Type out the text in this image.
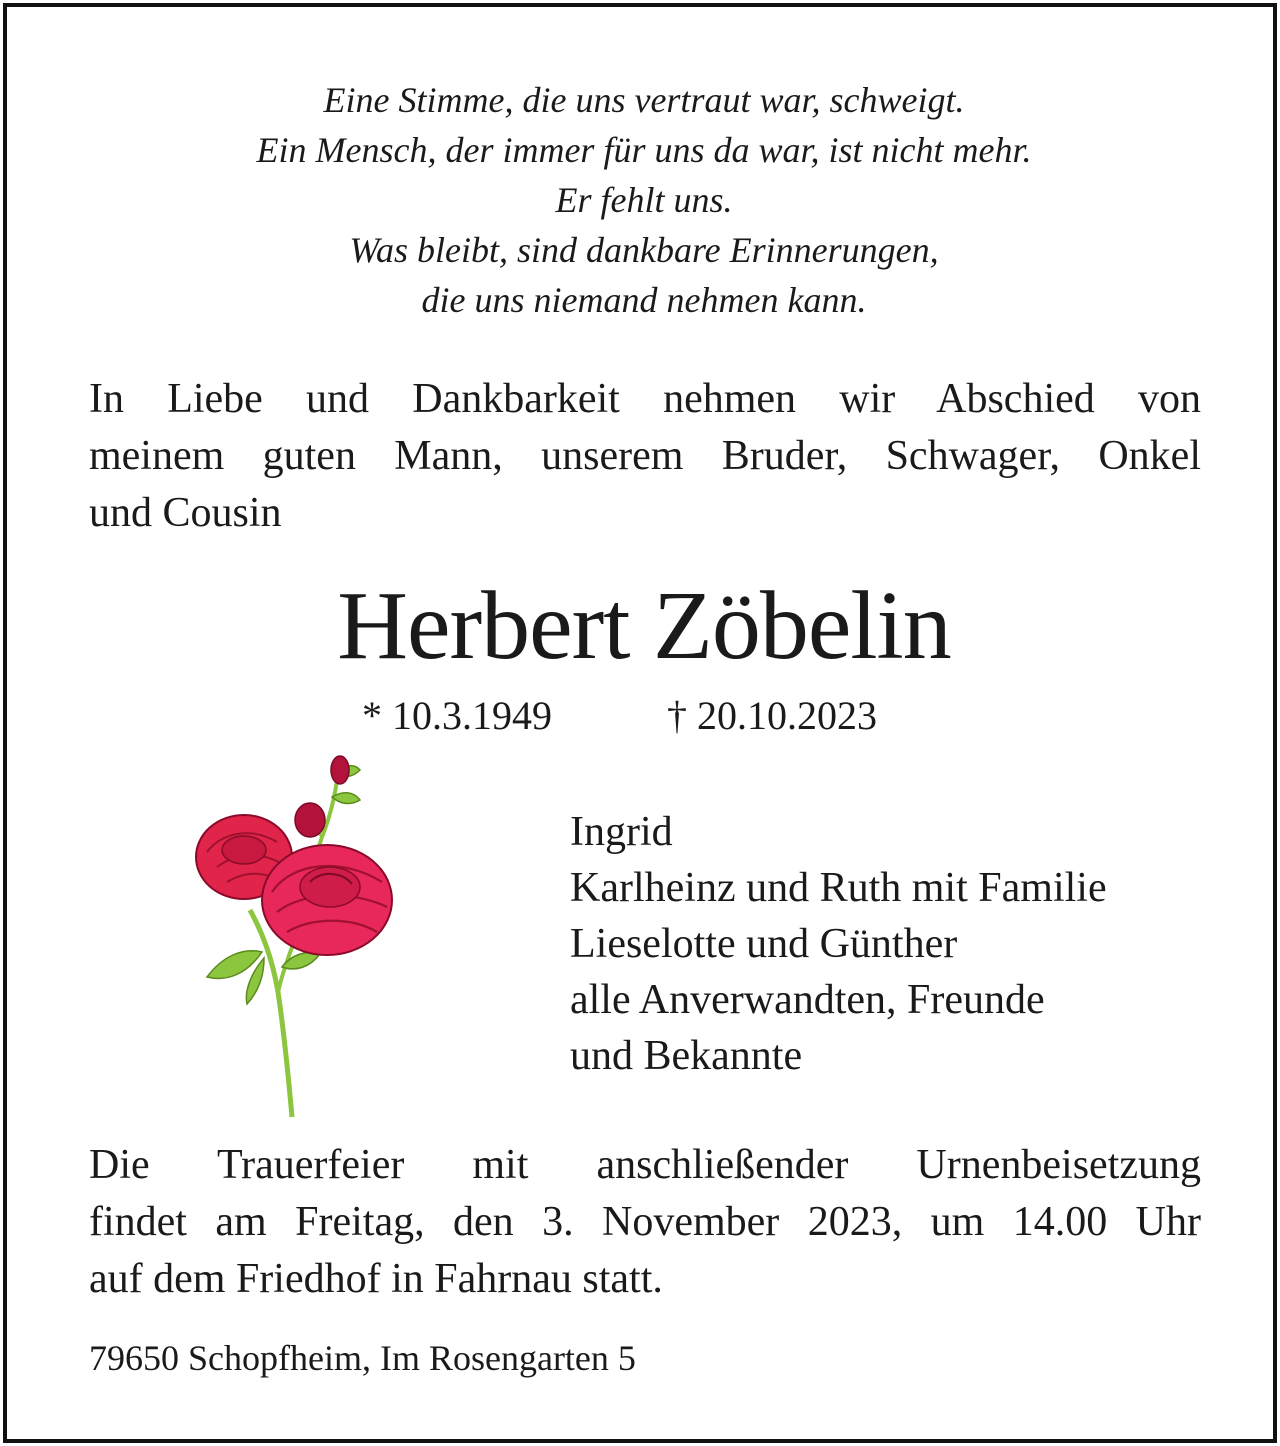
Eine Stimme, die uns vertraut war, schweigt.
Ein Mensch, der immer für uns da war, ist nicht mehr.
Er fehlt uns.
Was bleibt, sind dankbare Erinnerungen,
die uns niemand nehmen kann.

In Liebe und Dankbarkeit nehmen wir Abschied von
meinem guten Mann, unserem Bruder, Schwager, Onkel
und Cousin

Herbert Zöbelin
* 10.3.1949	† 20.10.2023
Ingrid
Karlheinz und Ruth mit Familie
Lieselotte und Günther
alle Anverwandten, Freunde
und Bekannte

Die Trauerfeier mit anschließender Urnenbeisetzung
findet am Freitag, den 3. November 2023, um 14.00 Uhr
auf dem Friedhof in Fahrnau statt.

79650 Schopfheim, Im Rosengarten 5
